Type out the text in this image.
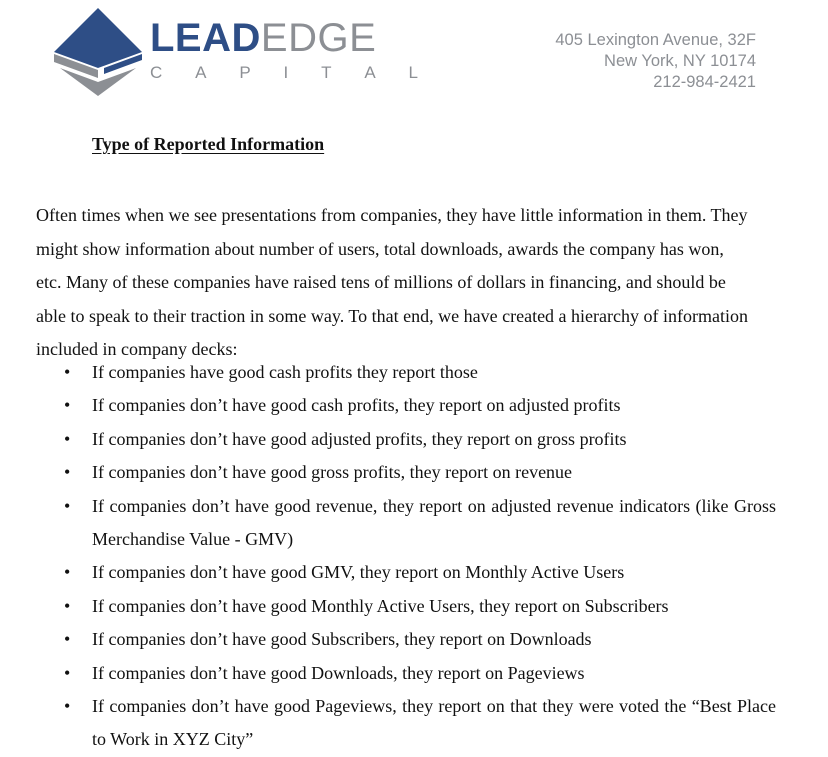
LEADEDGE
C A P I T A L
405 Lexington Avenue, 32F
New York, NY 10174
212-984-2421
Type of Reported Information

Often times when we see presentations from companies, they have little information in them. They
might show information about number of users, total downloads, awards the company has won,
etc. Many of these companies have raised tens of millions of dollars in financing, and should be
able to speak to their traction in some way. To that end, we have created a hierarchy of information
included in company decks:

• If companies have good cash profits they report those
• If companies don’t have good cash profits, they report on adjusted profits
• If companies don’t have good adjusted profits, they report on gross profits
• If companies don’t have good gross profits, they report on revenue
• If companies don’t have good revenue, they report on adjusted revenue indicators (like Gross Merchandise Value - GMV)
• If companies don’t have good GMV, they report on Monthly Active Users
• If companies don’t have good Monthly Active Users, they report on Subscribers
• If companies don’t have good Subscribers, they report on Downloads
• If companies don’t have good Downloads, they report on Pageviews
• If companies don’t have good Pageviews, they report on that they were voted the “Best Place to Work in XYZ City”
